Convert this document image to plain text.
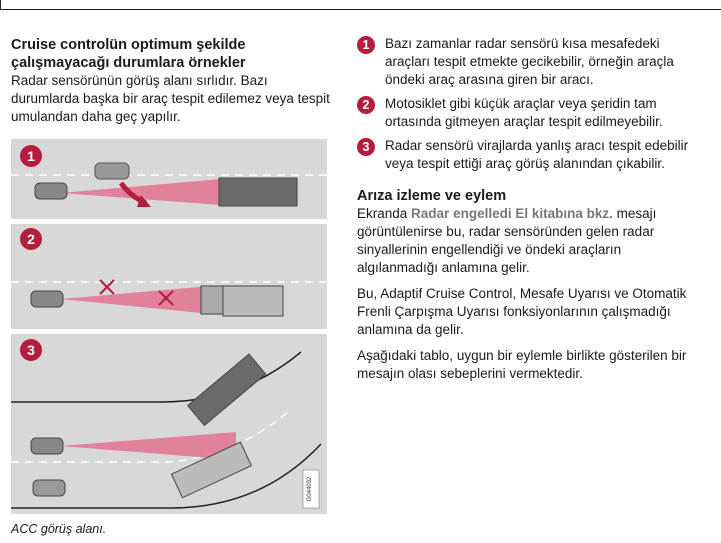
Cruise controlün optimum şekilde çalışmayacağı durumlara örnekler

Radar sensörünün görüş alanı sırlıdır. Bazı durumlarda başka bir araç tespit edilemez veya tespit umulandan daha geç yapılır.

1
2
3
G044032
ACC görüş alanı.
1	Bazı zamanlar radar sensörü kısa mesafedeki araçları tespit etmekte gecikebilir, örneğin araçla öndeki araç arasına giren bir aracı.
2	Motosiklet gibi küçük araçlar veya şeridin tam ortasında gitmeyen araçlar tespit edilmeyebilir.
3	Radar sensörü virajlarda yanlış aracı tespit edebilir veya tespit ettiği araç görüş alanından çıkabilir.

Arıza izleme ve eylem

Ekranda Radar engelledi El kitabına bkz. mesajı görüntülenirse bu, radar sensöründen gelen radar sinyallerinin engellendiği ve öndeki araçların algılanmadığı anlamına gelir.

Bu, Adaptif Cruise Control, Mesafe Uyarısı ve Otomatik Frenli Çarpışma Uyarısı fonksiyonlarının çalışmadığı anlamına da gelir.

Aşağıdaki tablo, uygun bir eylemle birlikte gösterilen bir mesajın olası sebeplerini vermektedir.
